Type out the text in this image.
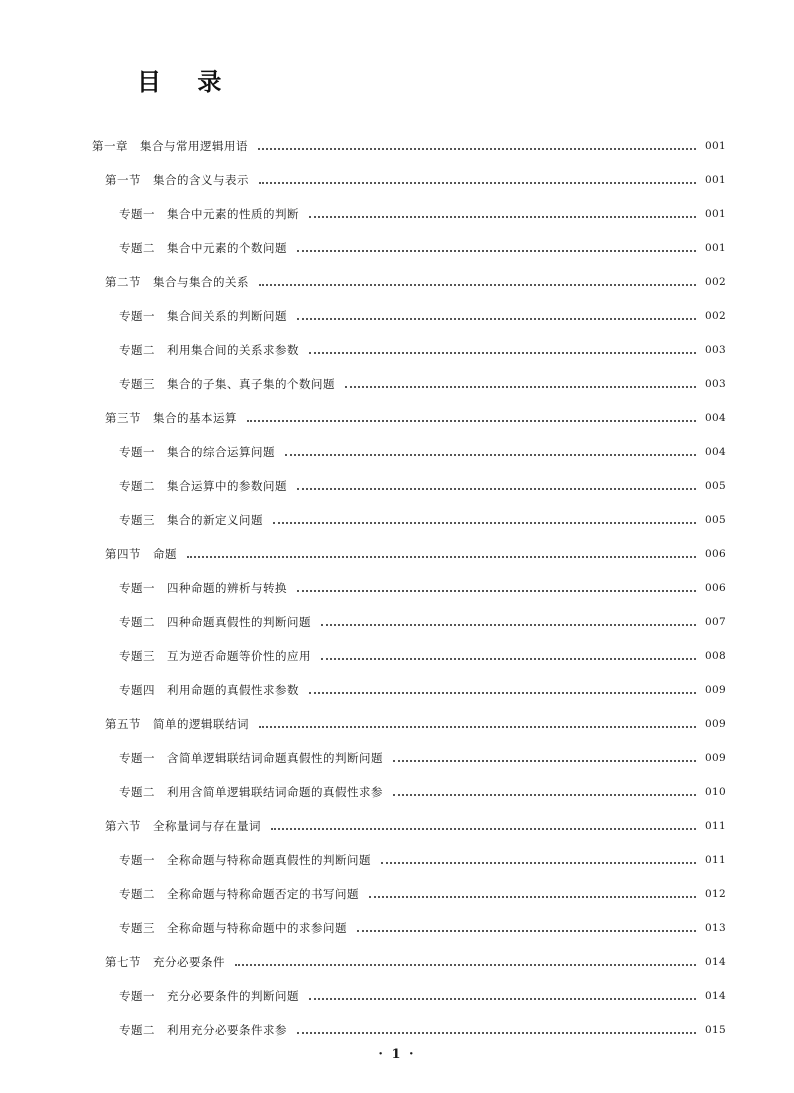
目 录
第一章　集合与常用逻辑用语	001
第一节　集合的含义与表示	001
专题一　集合中元素的性质的判断	001
专题二　集合中元素的个数问题	001
第二节　集合与集合的关系	002
专题一　集合间关系的判断问题	002
专题二　利用集合间的关系求参数	003
专题三　集合的子集、真子集的个数问题	003
第三节　集合的基本运算	004
专题一　集合的综合运算问题	004
专题二　集合运算中的参数问题	005
专题三　集合的新定义问题	005
第四节　命题	006
专题一　四种命题的辨析与转换	006
专题二　四种命题真假性的判断问题	007
专题三　互为逆否命题等价性的应用	008
专题四　利用命题的真假性求参数	009
第五节　简单的逻辑联结词	009
专题一　含简单逻辑联结词命题真假性的判断问题	009
专题二　利用含简单逻辑联结词命题的真假性求参	010
第六节　全称量词与存在量词	011
专题一　全称命题与特称命题真假性的判断问题	011
专题二　全称命题与特称命题否定的书写问题	012
专题三　全称命题与特称命题中的求参问题	013
第七节　充分必要条件	014
专题一　充分必要条件的判断问题	014
专题二　利用充分必要条件求参	015
· 1 ·
